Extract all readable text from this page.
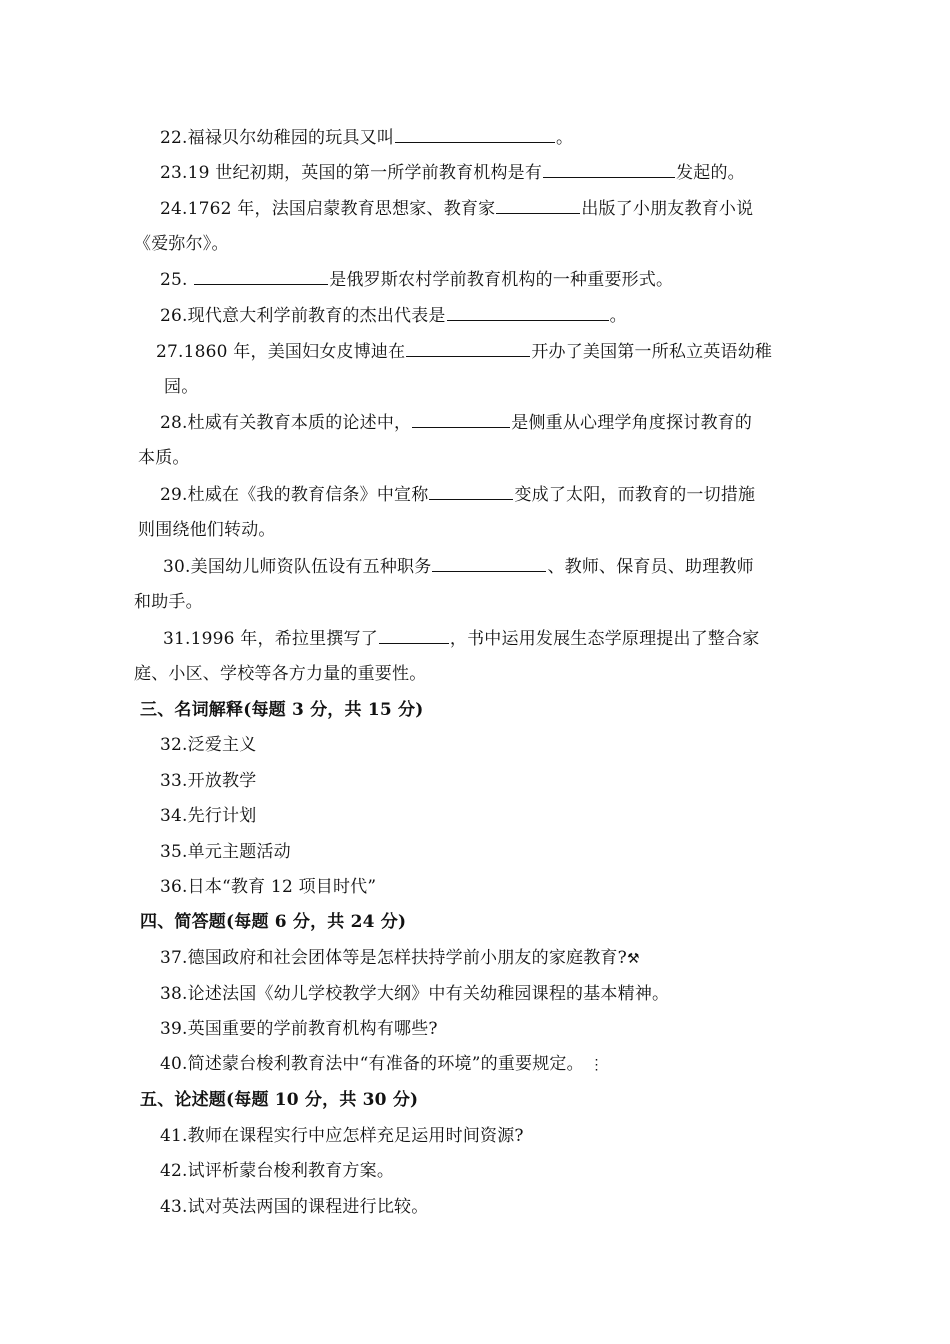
22.福禄贝尔幼稚园的玩具又叫	。
23.19 世纪初期，英国的第一所学前教育机构是有	发起的。
24.1762 年，法国启蒙教育思想家、教育家	出版了小朋友教育小说
《爱弥尔》。
25.	是俄罗斯农村学前教育机构的一种重要形式。
26.现代意大利学前教育的杰出代表是	。
27.1860 年，美国妇女皮博迪在	开办了美国第一所私立英语幼稚
园。
28.杜威有关教育本质的论述中，	是侧重从心理学角度探讨教育的
本质。
29.杜威在《我的教育信条》中宣称	变成了太阳，而教育的一切措施
则围绕他们转动。
30.美国幼儿师资队伍设有五种职务	、教师、保育员、助理教师
和助手。
31.1996 年，希拉里撰写了	，书中运用发展生态学原理提出了整合家
庭、小区、学校等各方力量的重要性。
三、名词解释(每题 3 分，共 15 分)
32.泛爱主义
33.开放教学
34.先行计划
35.单元主题活动
36.日本“教育 12 项目时代”
四、简答题(每题 6 分，共 24 分)
37.德国政府和社会团体等是怎样扶持学前小朋友的家庭教育?⚒
38.论述法国《幼儿学校教学大纲》中有关幼稚园课程的基本精神。
39.英国重要的学前教育机构有哪些?
40.简述蒙台梭利教育法中“有准备的环境”的重要规定。 ⋮
五、论述题(每题 10 分，共 30 分)
41.教师在课程实行中应怎样充足运用时间资源?
42.试评析蒙台梭利教育方案。
43.试对英法两国的课程进行比较。
